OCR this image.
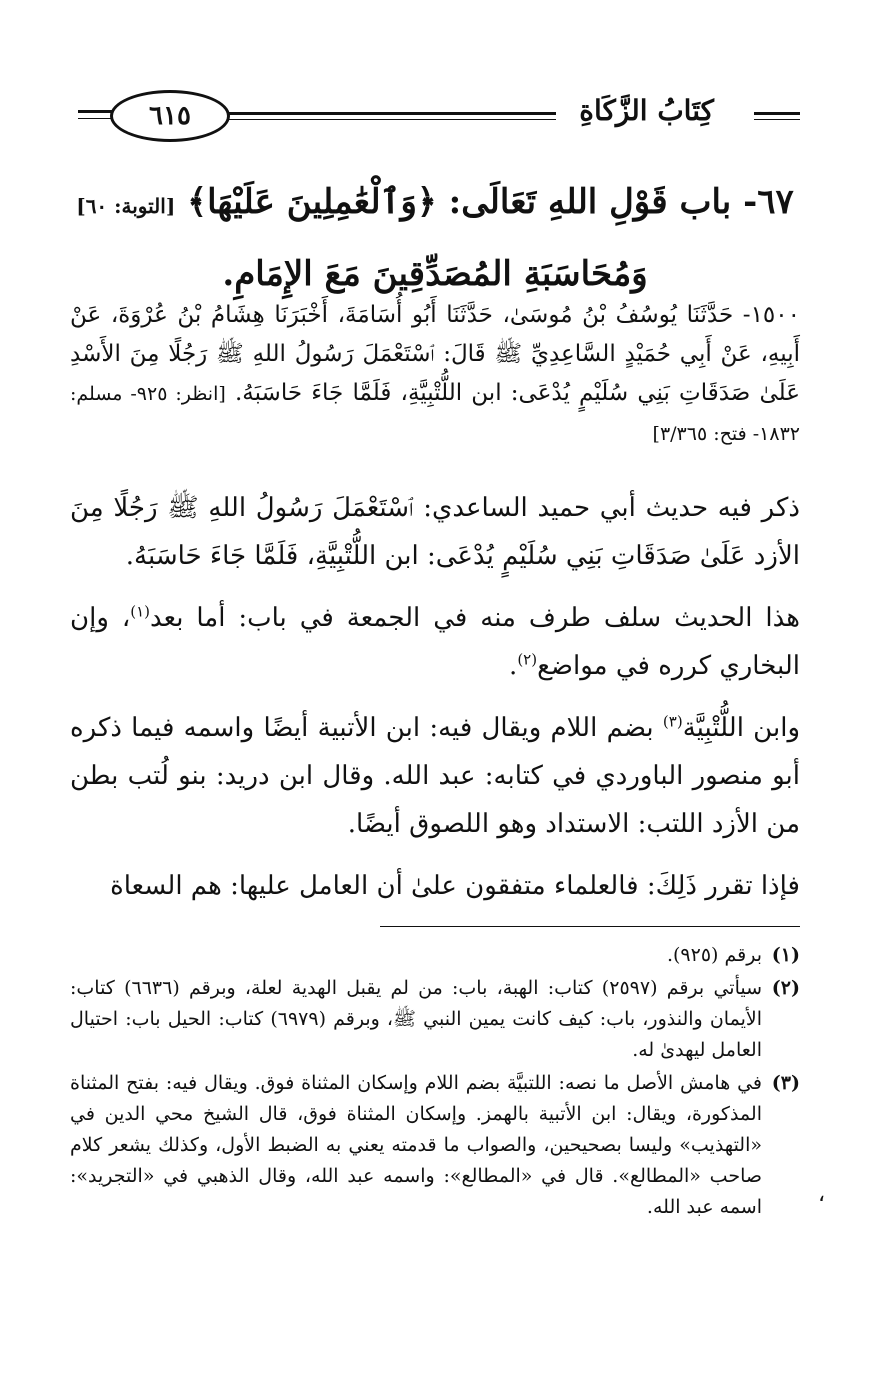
٦١٥	كِتَابُ الزَّكَاةِ
٦٧- باب قَوْلِ اللهِ تَعَالَى: ﴿وَٱلْعَٰمِلِينَ عَلَيْهَا﴾ [التوبة: ٦٠]
وَمُحَاسَبَةِ المُصَدِّقِينَ مَعَ الإِمَامِ.
١٥٠٠- حَدَّثَنَا يُوسُفُ بْنُ مُوسَىٰ، حَدَّثَنَا أَبُو أُسَامَةَ، أَخْبَرَنَا هِشَامُ بْنُ عُرْوَةَ، عَنْ أَبِيهِ، عَنْ أَبِي حُمَيْدٍ السَّاعِدِيِّ ﷺ قَالَ: ٱسْتَعْمَلَ رَسُولُ اللهِ ﷺ رَجُلًا مِنَ الأَسْدِ عَلَىٰ صَدَقَاتِ بَنِي سُلَيْمٍ يُدْعَى: ابن اللُّتْبِيَّةِ، فَلَمَّا جَاءَ حَاسَبَهُ. [انظر: ٩٢٥- مسلم: ١٨٣٢- فتح: ٣/٣٦٥]

ذكر فيه حديث أبي حميد الساعدي: ٱسْتَعْمَلَ رَسُولُ اللهِ ﷺ رَجُلًا مِنَ الأزد عَلَىٰ صَدَقَاتِ بَنِي سُلَيْمٍ يُدْعَى: ابن اللُّتْبِيَّةِ، فَلَمَّا جَاءَ حَاسَبَهُ.

هذا الحديث سلف طرف منه في الجمعة في باب: أما بعد$^{(١)}$، وإن البخاري كرره في مواضع$^{(٢)}$.

وابن اللُّتْبِيَّة$^{(٣)}$ بضم اللام ويقال فيه: ابن الأتبية أيضًا واسمه فيما ذكره أبو منصور الباوردي في كتابه: عبد الله. وقال ابن دريد: بنو لُتب بطن من الأزد اللتب: الاستداد وهو اللصوق أيضًا.

فإذا تقرر ذَلِكَ: فالعلماء متفقون علىٰ أن العامل عليها: هم السعاة

(١)
برقم (٩٢٥).
(٢)
سيأتي برقم (٢٥٩٧) كتاب: الهبة، باب: من لم يقبل الهدية لعلة، وبرقم (٦٦٣٦) كتاب: الأيمان والنذور، باب: كيف كانت يمين النبي ﷺ، وبرقم (٦٩٧٩) كتاب: الحيل باب: احتيال العامل ليهدىٰ له.
(٣)
في هامش الأصل ما نصه: اللتبيَّة بضم اللام وإسكان المثناة فوق. ويقال فيه: بفتح المثناة المذكورة، ويقال: ابن الأتبية بالهمز. وإسكان المثناة فوق، قال الشيخ محي الدين في «التهذيب» وليسا بصحيحين، والصواب ما قدمته يعني به الضبط الأول، وكذلك يشعر كلام صاحب «المطالع». قال في «المطالع»: واسمه عبد الله، وقال الذهبي في «التجريد»: اسمه عبد الله.	،
